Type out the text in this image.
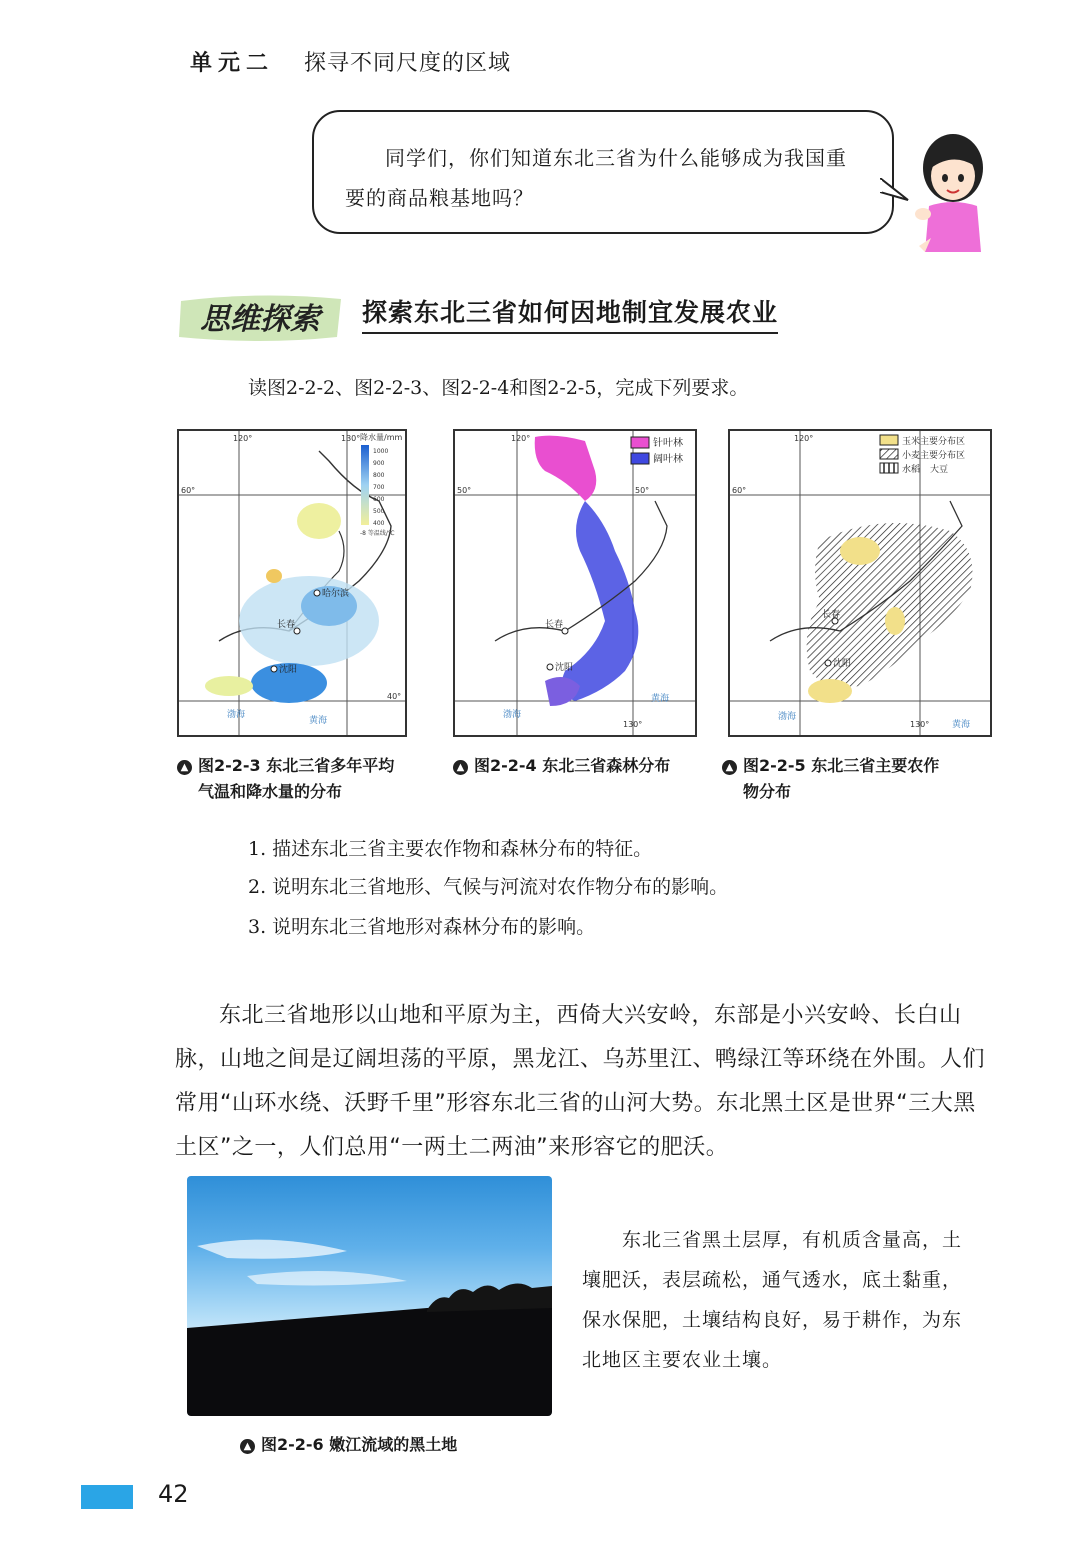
单元二 探寻不同尺度的区域
同学们，你们知道东北三省为什么能够成为我国重要的商品粮基地吗？
思维探索 探索东北三省如何因地制宜发展农业
读图2-2-2、图2-2-3、图2-2-4和图2-2-5，完成下列要求。
降水量/mm
1000
900
800
700
600
500
400
-8 等温线/℃
120°	130°
60°
40°
哈尔滨
长春
沈阳
渤海
黄海
针叶林
阔叶林
120°
50°	50°
130°
长春
沈阳
渤海
黄海
玉米主要分布区
小麦主要分布区
水稻 大豆
120°
60°
130°
长春
沈阳
渤海
黄海
▲ 图2-2-3 东北三省多年平均
气温和降水量的分布
▲ 图2-2-4 东北三省森林分布	▲ 图2-2-5 东北三省主要农作
物分布
1. 描述东北三省主要农作物和森林分布的特征。
2. 说明东北三省地形、气候与河流对农作物分布的影响。
3. 说明东北三省地形对森林分布的影响。
东北三省地形以山地和平原为主，西倚大兴安岭，东部是小兴安岭、长白山脉，山地之间是辽阔坦荡的平原，黑龙江、乌苏里江、鸭绿江等环绕在外围。人们常用“山环水绕、沃野千里”形容东北三省的山河大势。东北黑土区是世界“三大黑土区”之一，人们总用“一两土二两油”来形容它的肥沃。
▲ 图2-2-6 嫩江流域的黑土地
东北三省黑土层厚，有机质含量高，土壤肥沃，表层疏松，通气透水，底土黏重，保水保肥，土壤结构良好，易于耕作，为东北地区主要农业土壤。
42
